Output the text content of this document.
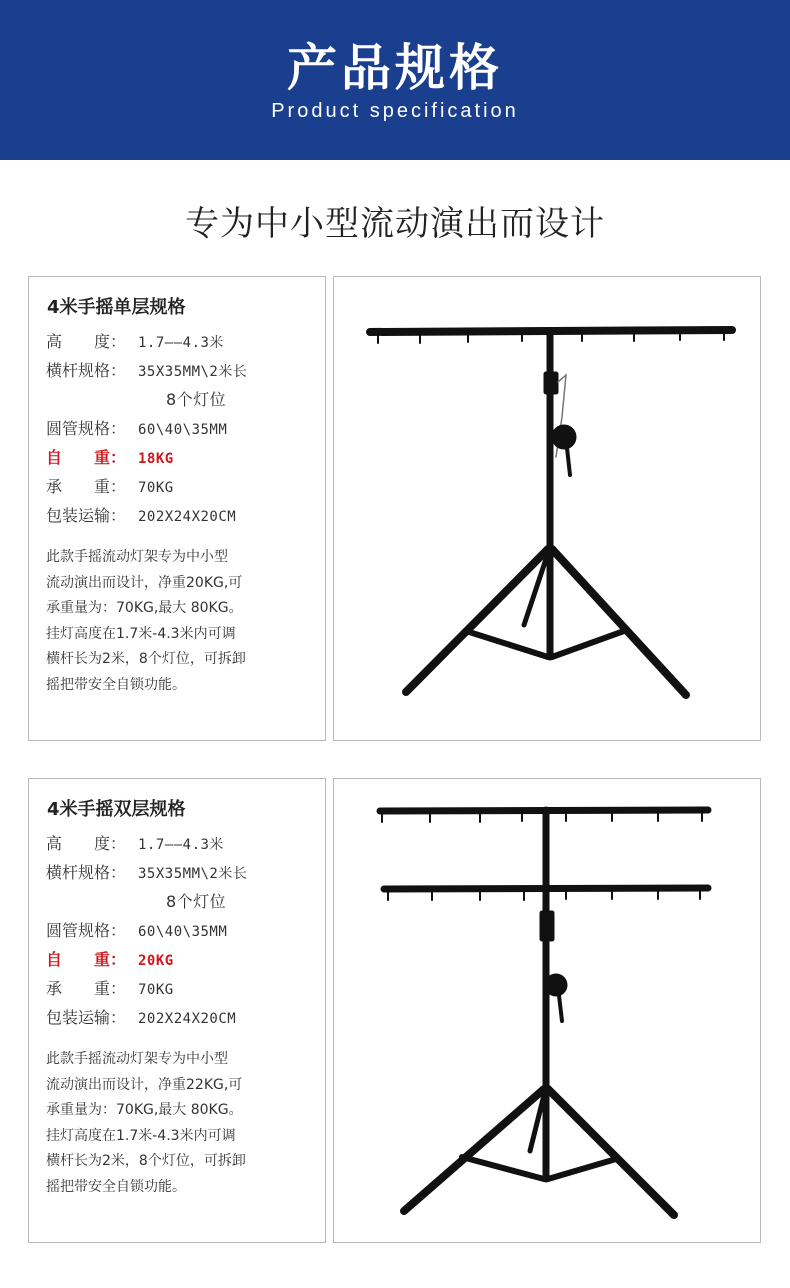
产品规格
Product specification
专为中小型流动演出而设计
4米手摇单层规格
高　　度： 1.7——4.3米
横杆规格： 35X35MM\2米长
8个灯位
圆管规格： 60\40\35MM
自　　重： 18KG
承　　重： 70KG
包装运输： 202X24X20CM
此款手摇流动灯架专为中小型
流动演出而设计，净重20KG,可
承重量为：70KG,最大 80KG。
挂灯高度在1.7米-4.3米内可调
横杆长为2米，8个灯位，可拆卸
摇把带安全自锁功能。
4米手摇双层规格
高　　度： 1.7——4.3米
横杆规格： 35X35MM\2米长
8个灯位
圆管规格： 60\40\35MM
自　　重： 20KG
承　　重： 70KG
包装运输： 202X24X20CM
此款手摇流动灯架专为中小型
流动演出而设计，净重22KG,可
承重量为：70KG,最大 80KG。
挂灯高度在1.7米-4.3米内可调
横杆长为2米，8个灯位，可拆卸
摇把带安全自锁功能。
